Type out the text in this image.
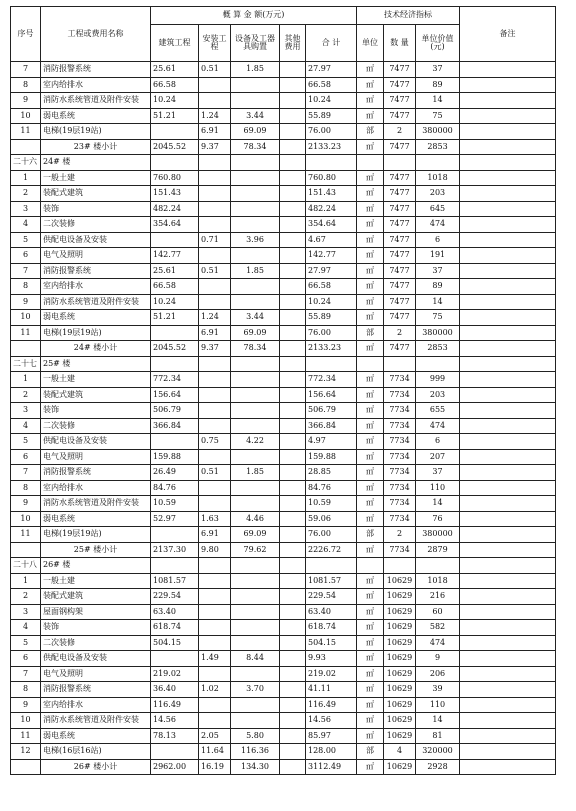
序号	工程或费用名称	概 算 金 额(万元)					技术经济指标			备注
		建筑工程	安装工程	设备及工器具购置	其他费用	合 计	单位	数 量	单位价值(元)	
7	消防报警系统	25.61	0.51	1.85		27.97	㎡	7477	37	
8	室内给排水	66.58				66.58	㎡	7477	89	
9	消防水系统管道及附件安装	10.24				10.24	㎡	7477	14	
10	弱电系统	51.21	1.24	3.44		55.89	㎡	7477	75	
11	电梯(19层19站)		6.91	69.09		76.00	部	2	380000	
	23# 楼小计	2045.52	9.37	78.34		2133.23	㎡	7477	2853	
二十六	24# 楼									
1	一般土建	760.80				760.80	㎡	7477	1018	
2	装配式建筑	151.43				151.43	㎡	7477	203	
3	装饰	482.24				482.24	㎡	7477	645	
4	二次装修	354.64				354.64	㎡	7477	474	
5	供配电设备及安装		0.71	3.96		4.67	㎡	7477	6	
6	电气及照明	142.77				142.77	㎡	7477	191	
7	消防报警系统	25.61	0.51	1.85		27.97	㎡	7477	37	
8	室内给排水	66.58				66.58	㎡	7477	89	
9	消防水系统管道及附件安装	10.24				10.24	㎡	7477	14	
10	弱电系统	51.21	1.24	3.44		55.89	㎡	7477	75	
11	电梯(19层19站)		6.91	69.09		76.00	部	2	380000	
	24# 楼小计	2045.52	9.37	78.34		2133.23	㎡	7477	2853	
二十七	25# 楼									
1	一般土建	772.34				772.34	㎡	7734	999	
2	装配式建筑	156.64				156.64	㎡	7734	203	
3	装饰	506.79				506.79	㎡	7734	655	
4	二次装修	366.84				366.84	㎡	7734	474	
5	供配电设备及安装		0.75	4.22		4.97	㎡	7734	6	
6	电气及照明	159.88				159.88	㎡	7734	207	
7	消防报警系统	26.49	0.51	1.85		28.85	㎡	7734	37	
8	室内给排水	84.76				84.76	㎡	7734	110	
9	消防水系统管道及附件安装	10.59				10.59	㎡	7734	14	
10	弱电系统	52.97	1.63	4.46		59.06	㎡	7734	76	
11	电梯(19层19站)		6.91	69.09		76.00	部	2	380000	
	25# 楼小计	2137.30	9.80	79.62		2226.72	㎡	7734	2879	
二十八	26# 楼									
1	一般土建	1081.57				1081.57	㎡	10629	1018	
2	装配式建筑	229.54				229.54	㎡	10629	216	
3	屋面钢构架	63.40				63.40	㎡	10629	60	
4	装饰	618.74				618.74	㎡	10629	582	
5	二次装修	504.15				504.15	㎡	10629	474	
6	供配电设备及安装		1.49	8.44		9.93	㎡	10629	9	
7	电气及照明	219.02				219.02	㎡	10629	206	
8	消防报警系统	36.40	1.02	3.70		41.11	㎡	10629	39	
9	室内给排水	116.49				116.49	㎡	10629	110	
10	消防水系统管道及附件安装	14.56				14.56	㎡	10629	14	
11	弱电系统	78.13	2.05	5.80		85.97	㎡	10629	81	
12	电梯(16层16站)		11.64	116.36		128.00	部	4	320000	
	26# 楼小计	2962.00	16.19	134.30		3112.49	㎡	10629	2928	
